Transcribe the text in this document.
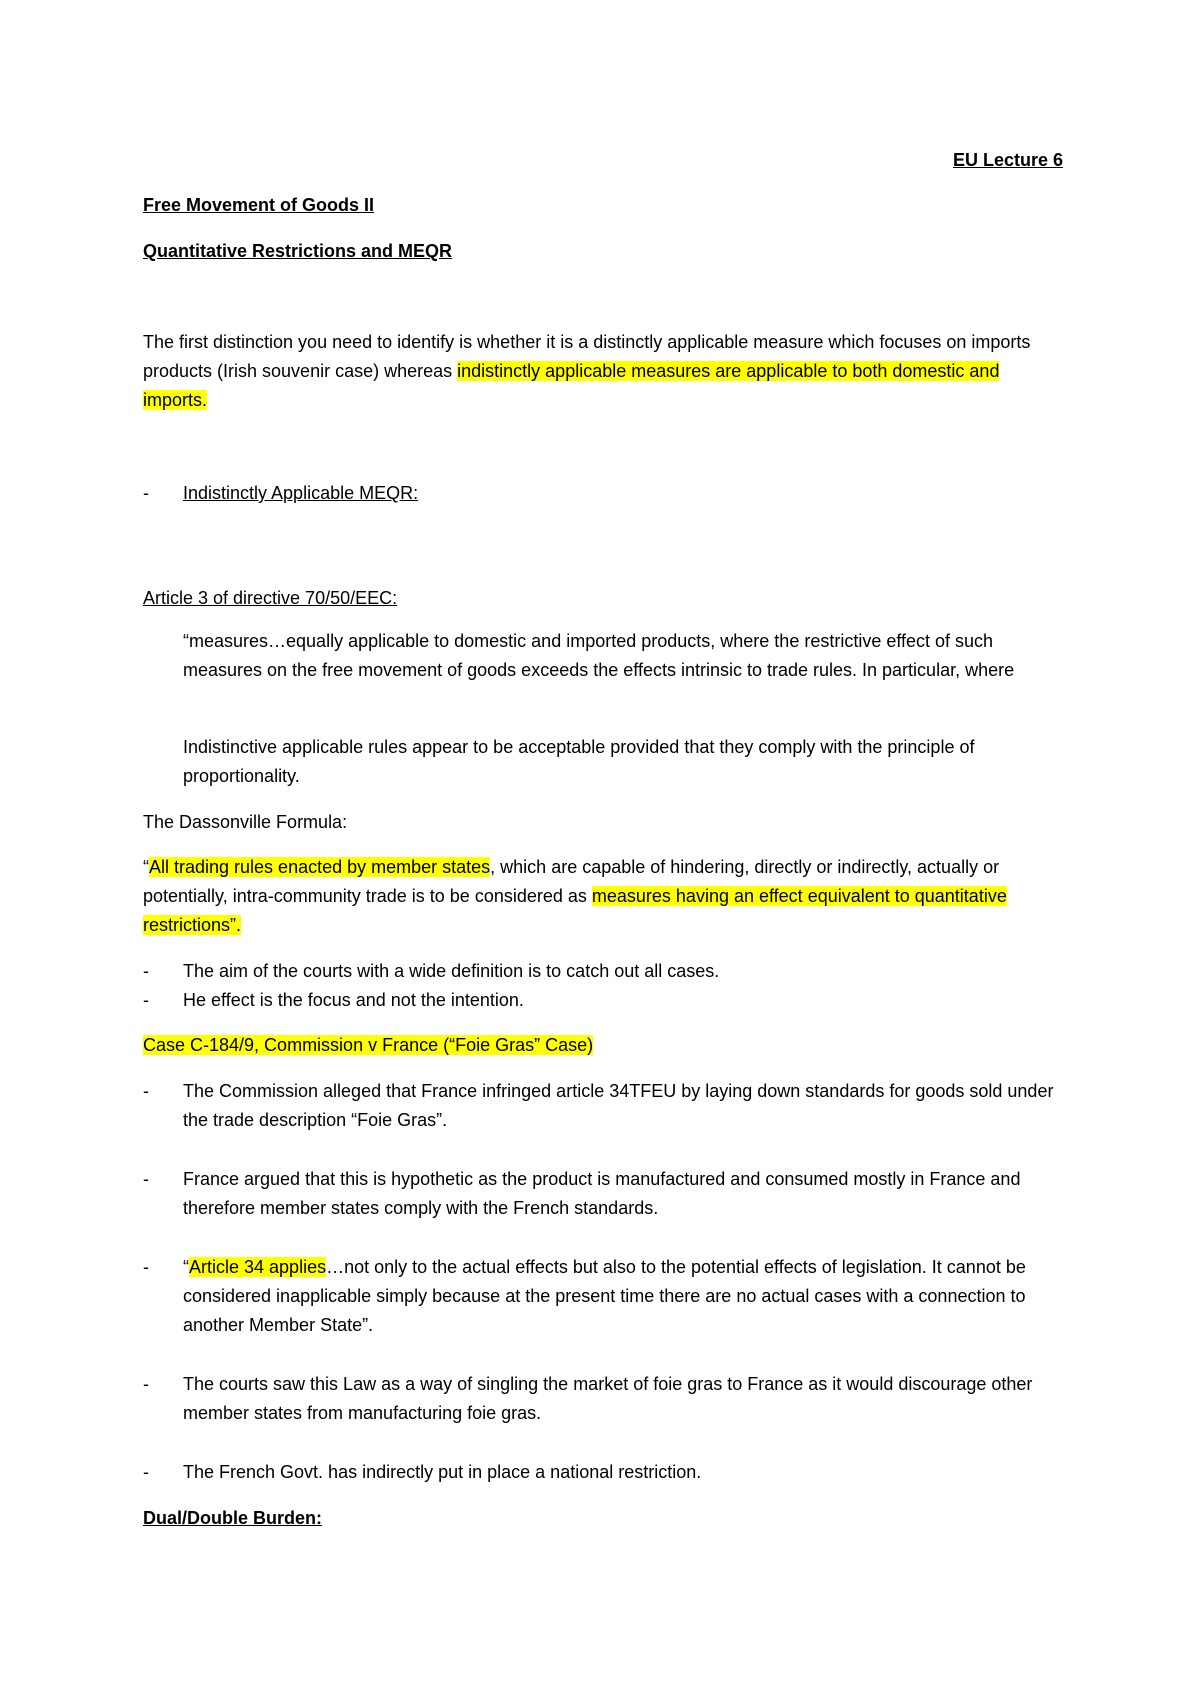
EU Lecture 6

Free Movement of Goods II

Quantitative Restrictions and MEQR

The first distinction you need to identify is whether it is a distinctly applicable measure which focuses on imports products (Irish souvenir case) whereas indistinctly applicable measures are applicable to both domestic and imports.

- Indistinctly Applicable MEQR:

Article 3 of directive 70/50/EEC:

“measures…equally applicable to domestic and imported products, where the restrictive effect of such measures on the free movement of goods exceeds the effects intrinsic to trade rules. In particular, where

Indistinctive applicable rules appear to be acceptable provided that they comply with the principle of proportionality.

The Dassonville Formula:

“All trading rules enacted by member states, which are capable of hindering, directly or indirectly, actually or potentially, intra-community trade is to be considered as measures having an effect equivalent to quantitative restrictions”.

- The aim of the courts with a wide definition is to catch out all cases.
- He effect is the focus and not the intention.

Case C-184/9, Commission v France (“Foie Gras” Case)

- The Commission alleged that France infringed article 34TFEU by laying down standards for goods sold under the trade description “Foie Gras”.
- France argued that this is hypothetic as the product is manufactured and consumed mostly in France and therefore member states comply with the French standards.
- “Article 34 applies…not only to the actual effects but also to the potential effects of legislation. It cannot be considered inapplicable simply because at the present time there are no actual cases with a connection to another Member State”.
- The courts saw this Law as a way of singling the market of foie gras to France as it would discourage other member states from manufacturing foie gras.
- The French Govt. has indirectly put in place a national restriction.

Dual/Double Burden:
